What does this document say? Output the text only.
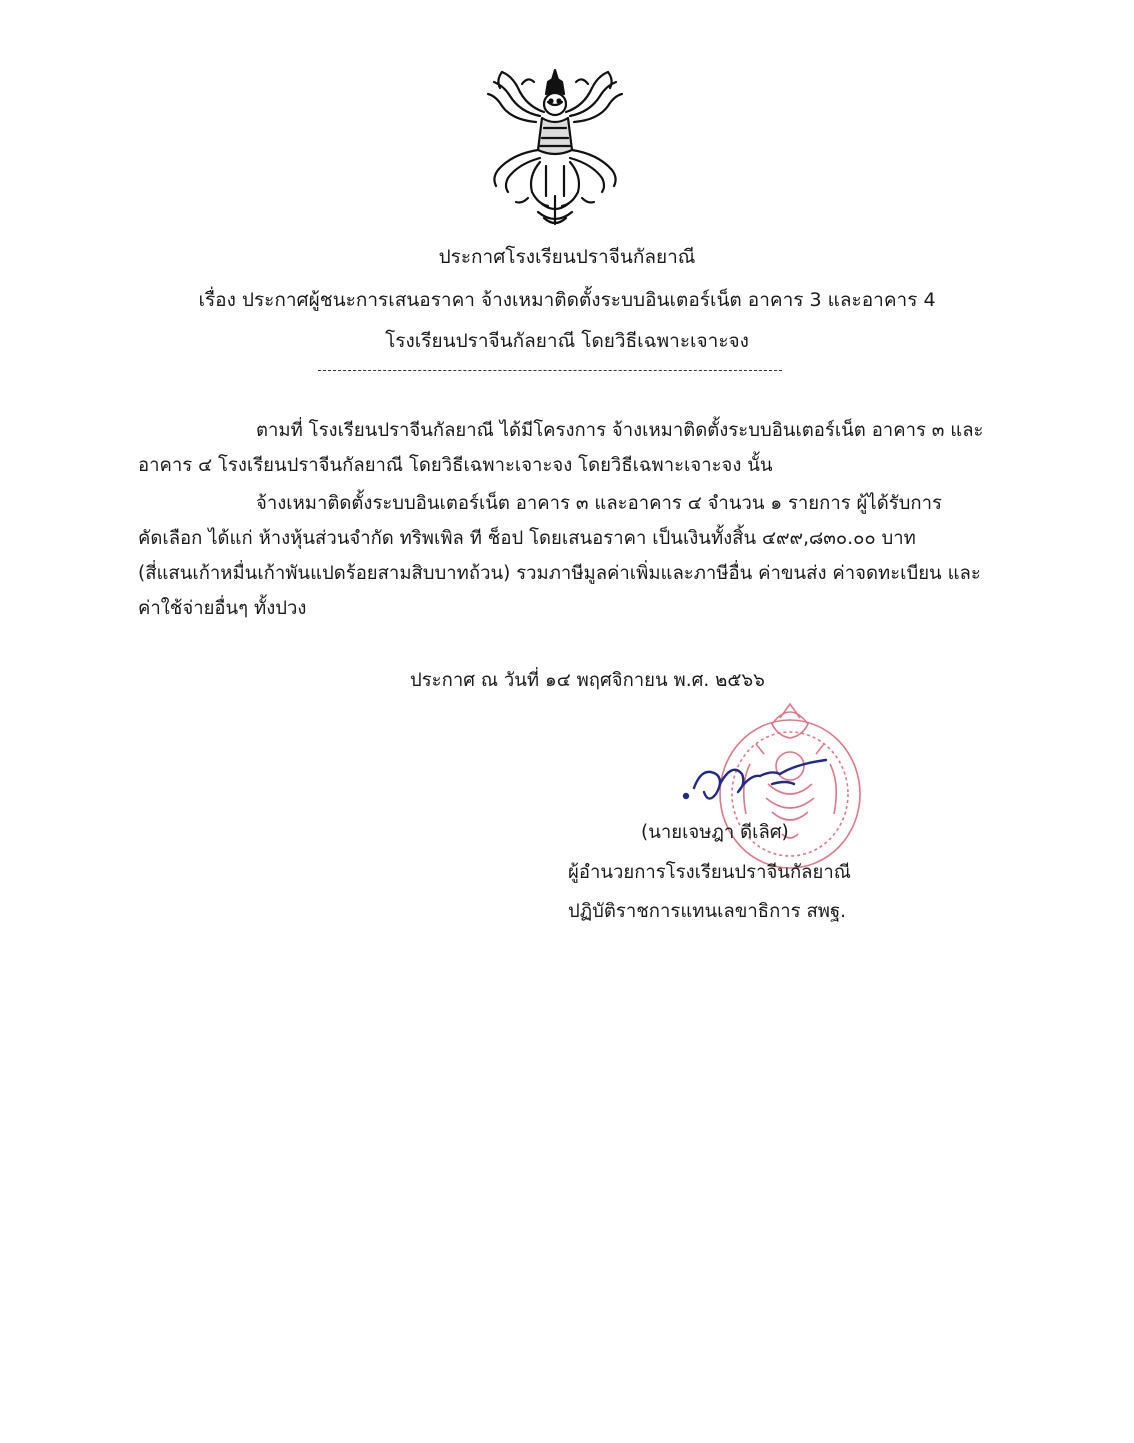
ประกาศโรงเรียนปราจีนกัลยาณี
เรื่อง ประกาศผู้ชนะการเสนอราคา จ้างเหมาติดตั้งระบบอินเตอร์เน็ต อาคาร 3 และอาคาร 4
โรงเรียนปราจีนกัลยาณี โดยวิธีเฉพาะเจาะจง
ตามที่ โรงเรียนปราจีนกัลยาณี ได้มีโครงการ จ้างเหมาติดตั้งระบบอินเตอร์เน็ต อาคาร ๓ และ
อาคาร ๔ โรงเรียนปราจีนกัลยาณี โดยวิธีเฉพาะเจาะจง โดยวิธีเฉพาะเจาะจง นั้น
จ้างเหมาติดตั้งระบบอินเตอร์เน็ต อาคาร ๓ และอาคาร ๔ จำนวน ๑ รายการ ผู้ได้รับการ
คัดเลือก ได้แก่ ห้างหุ้นส่วนจำกัด ทริพเพิล ที ช็อป โดยเสนอราคา เป็นเงินทั้งสิ้น ๔๙๙,๘๓๐.๐๐ บาท
(สี่แสนเก้าหมื่นเก้าพันแปดร้อยสามสิบบาทถ้วน) รวมภาษีมูลค่าเพิ่มและภาษีอื่น ค่าขนส่ง ค่าจดทะเบียน และ
ค่าใช้จ่ายอื่นๆ ทั้งปวง
ประกาศ ณ วันที่ ๑๔ พฤศจิกายน พ.ศ. ๒๕๖๖
(นายเจษฎา ดีเลิศ)
ผู้อำนวยการโรงเรียนปราจีนกัลยาณี
ปฏิบัติราชการแทนเลขาธิการ สพฐ.
